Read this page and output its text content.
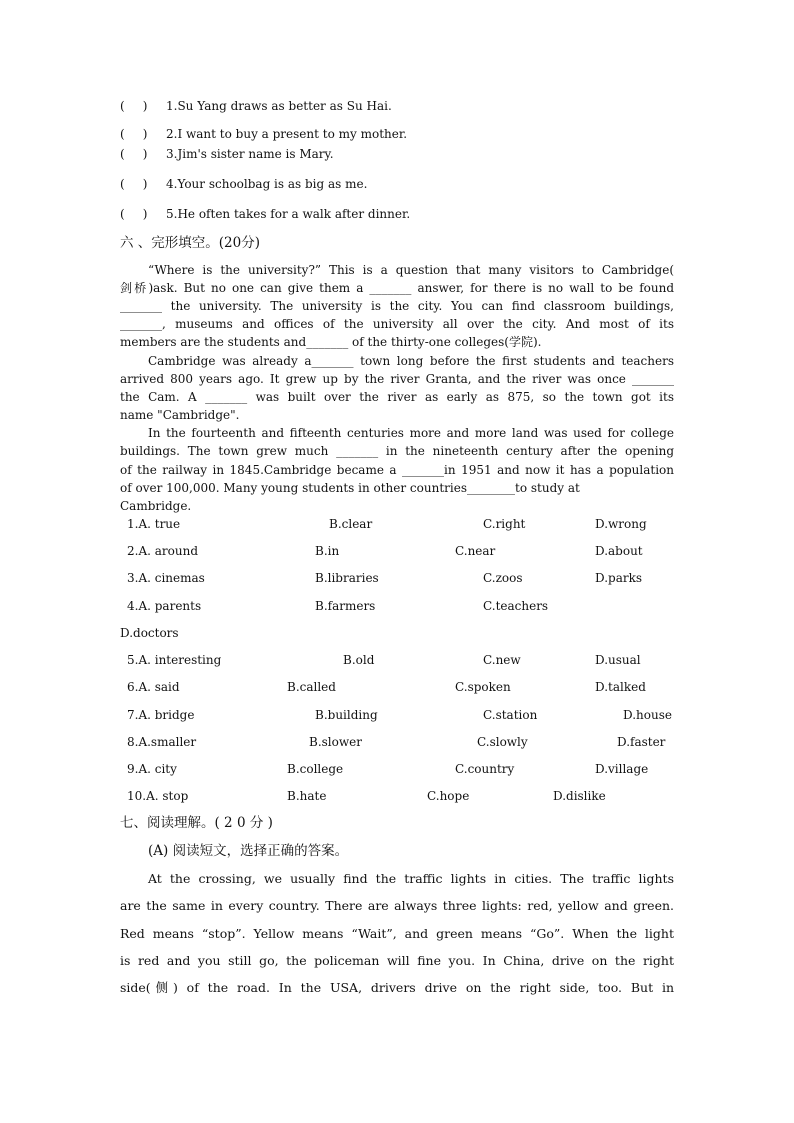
(   ) 1.Su Yang draws as better as Su Hai.
(   ) 2.I want to buy a present to my mother.
(   ) 3.Jim's sister name is Mary.
(   ) 4.Your schoolbag is as big as me.
(   ) 5.He often takes for a walk after dinner.
六 、完形填空。(20分)
“Where is the university?” This is a question that many visitors to Cambridge(
剑桥)ask. But no one can give them a _______ answer, for there is no wall to be found
_______ the university. The university is the city. You can find classroom buildings,
_______, museums and offices of the university all over the city. And most of its
members are the students and_______ of the thirty-one colleges(学院).
Cambridge was already a_______ town long before the first students and teachers
arrived 800 years ago. It grew up by the river Granta, and the river was once _______
the Cam. A _______ was built over the river as early as 875, so the town got its
name "Cambridge".
In the fourteenth and fifteenth centuries more and more land was used for college
buildings. The town grew much _______ in the nineteenth century after the opening
of the railway in 1845.Cambridge became a _______in 1951 and now it has a population
of over 100,000. Many young students in other countries________to study at
Cambridge.
1.A. true	B.clear	C.right	D.wrong
2.A. around	B.in	C.near	D.about
3.A. cinemas	B.libraries	C.zoos	D.parks
4.A. parents	B.farmers	C.teachers
D.doctors
5.A. interesting	B.old	C.new	D.usual
6.A. said	B.called	C.spoken	D.talked
7.A. bridge	B.building	C.station	D.house
8.A.smaller	B.slower	C.slowly	D.faster
9.A. city	B.college	C.country	D.village
10.A. stop	B.hate	C.hope	D.dislike
七、阅读理解。( 2 0 分 )
(A) 阅读短文，选择正确的答案。
At the crossing, we usually find the traffic lights in cities. The traffic lights
are the same in every country. There are always three lights: red, yellow and green.
Red means “stop”. Yellow means “Wait”, and green means “Go”. When the light
is red and you still go, the policeman will fine you. In China, drive on the right
side(侧) of the road. In the USA, drivers drive on the right side, too. But in
